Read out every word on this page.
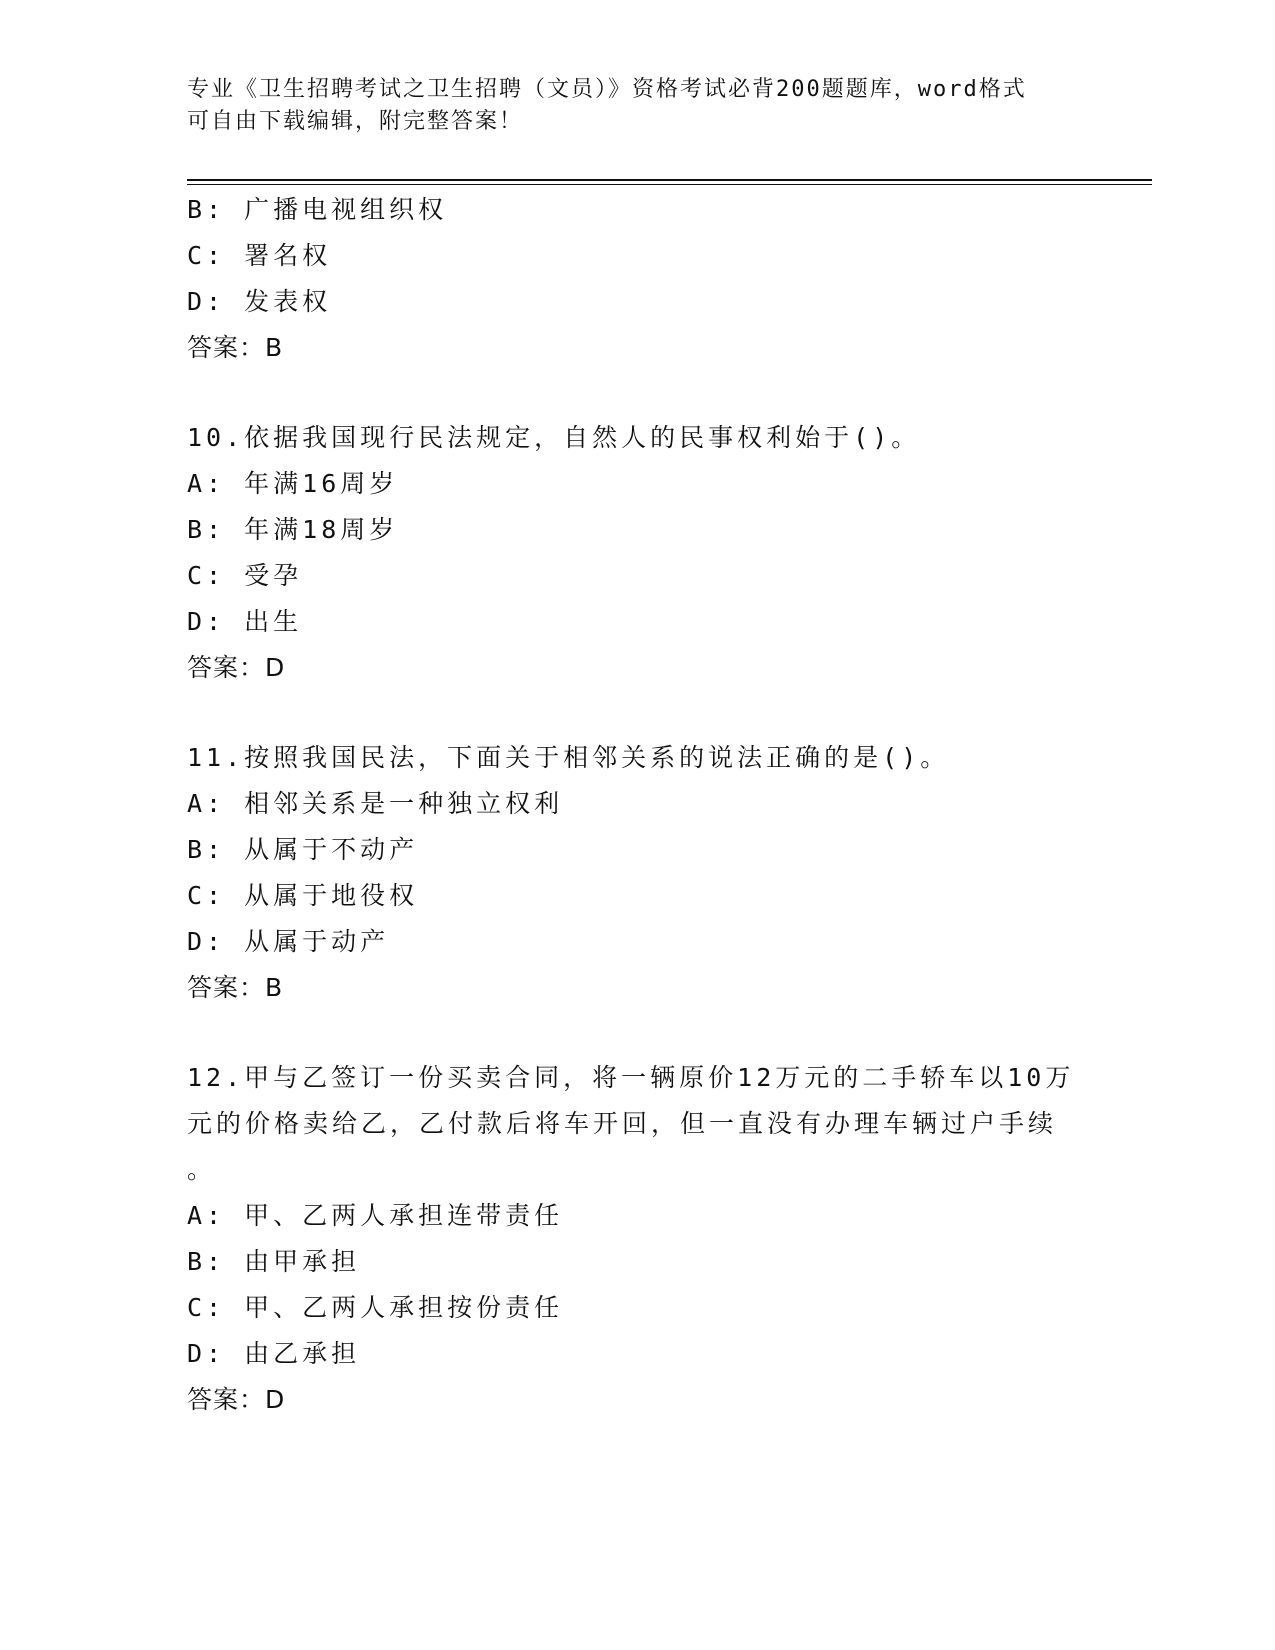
专业《卫生招聘考试之卫生招聘（文员）》资格考试必背200题题库，word格式
可自由下载编辑，附完整答案！
B: 广播电视组织权
C: 署名权
D: 发表权
答案：B
10.依据我国现行民法规定，自然人的民事权利始于()。
A: 年满16周岁
B: 年满18周岁
C: 受孕
D: 出生
答案：D
11.按照我国民法，下面关于相邻关系的说法正确的是()。
A: 相邻关系是一种独立权利
B: 从属于不动产
C: 从属于地役权
D: 从属于动产
答案：B
12.甲与乙签订一份买卖合同，将一辆原价12万元的二手轿车以10万
元的价格卖给乙，乙付款后将车开回，但一直没有办理车辆过户手续
。
A: 甲、乙两人承担连带责任
B: 由甲承担
C: 甲、乙两人承担按份责任
D: 由乙承担
答案：D
